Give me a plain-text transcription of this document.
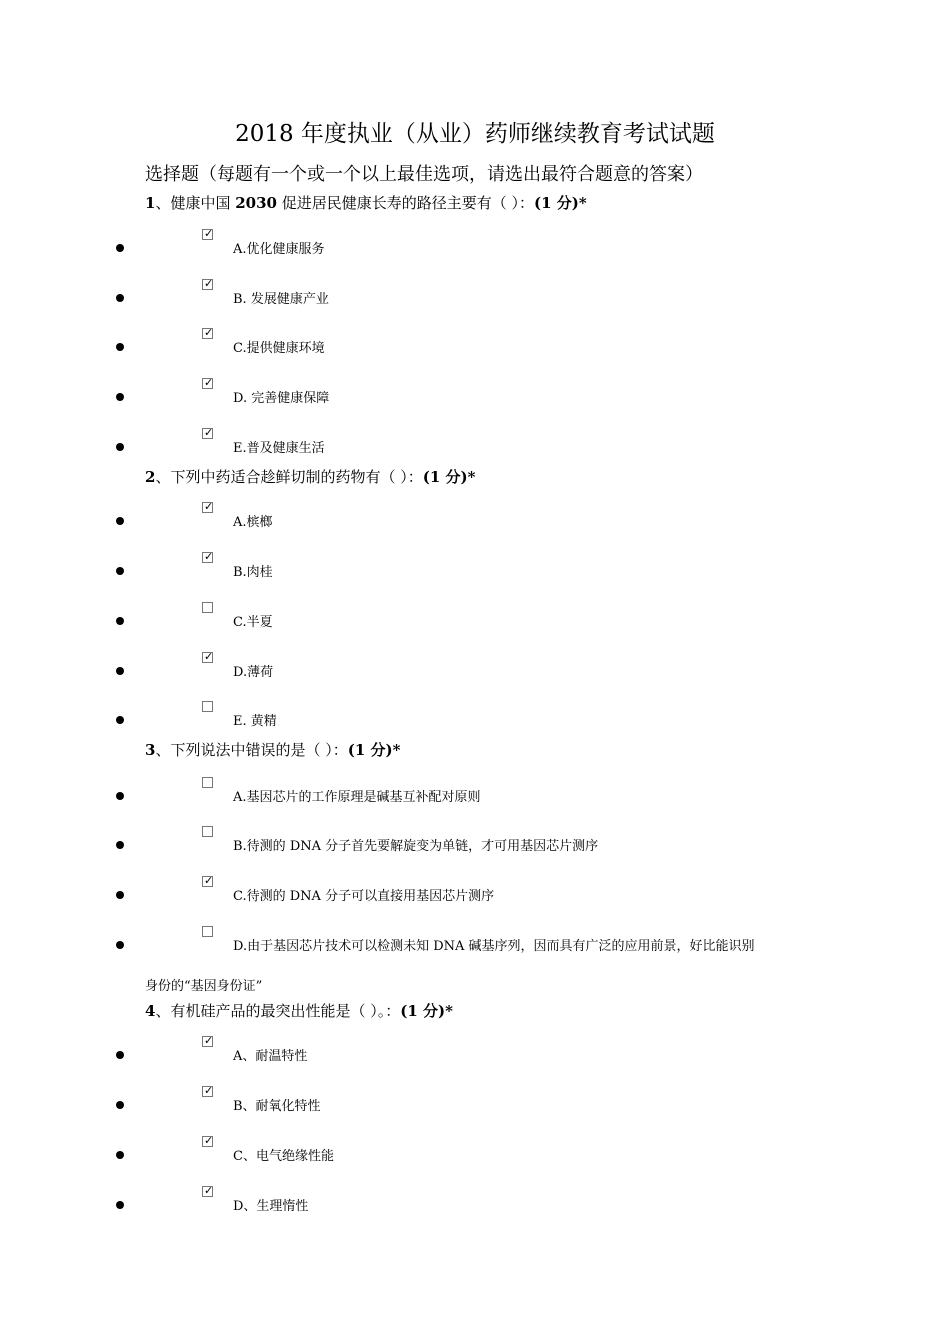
2018 年度执业（从业）药师继续教育考试试题
选择题（每题有一个或一个以上最佳选项，请选出最符合题意的答案）
1、健康中国 2030 促进居民健康长寿的路径主要有（ ）：(1 分)*
✓
A.优化健康服务
✓
B. 发展健康产业
✓
C.提供健康环境
✓
D. 完善健康保障
✓
E.普及健康生活
2、下列中药适合趁鲜切制的药物有（ ）：(1 分)*
✓
A.槟榔
✓
B.肉桂
C.半夏
✓
D.薄荷
E. 黄精
3、下列说法中错误的是（ ）：(1 分)*
A.基因芯片的工作原理是碱基互补配对原则
B.待测的 DNA 分子首先要解旋变为单链，才可用基因芯片测序
✓
C.待测的 DNA 分子可以直接用基因芯片测序
D.由于基因芯片技术可以检测未知 DNA 碱基序列，因而具有广泛的应用前景，好比能识别
身份的“基因身份证”
4、有机硅产品的最突出性能是（ ）。：(1 分)*
✓
A、耐温特性
✓
B、耐氧化特性
✓
C、电气绝缘性能
✓
D、生理惰性
